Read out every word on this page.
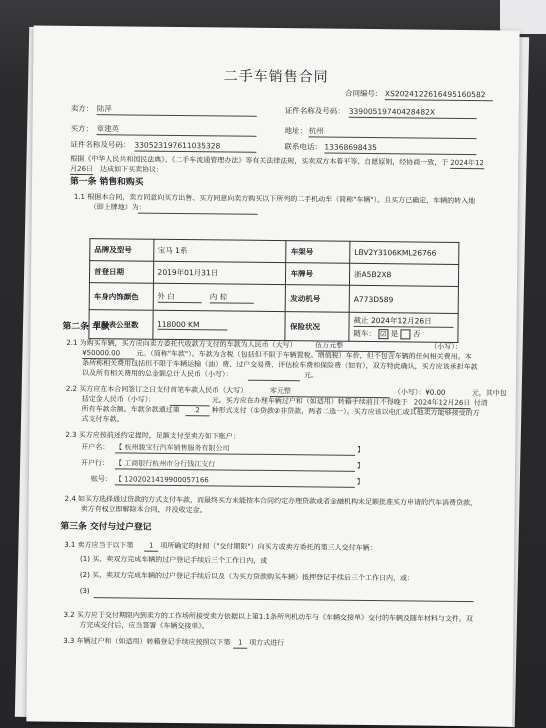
二手车销售合同
合同编号： XS2024122616495160582
卖方： 陆萍	证件名称及号码： 33900519740428482X
买方： 章建英	地址： 杭州
证件名称及号码： 330523197611035328	联系电话： 13368698435
根据《中华人民共和国民法典》、《二手车流通管理办法》等有关法律法规，买卖双方本着平等、自愿原则，经协商一致，于 2024年12
月26日 达成如下买卖协议：
第一条 销售和购买
1.1 根据本合同，卖方同意向买方出售、买方同意向卖方购买以下所列的二手机动车（简称"车辆"）。且买方已确定，车辆的转入地
（即上牌地）为：
品牌及型号	宝马 1系	车架号	LBV2Y3106KML26766
首登日期	2019年01月31日	车牌号	浙A5B2X8
车身内饰颜色	外 白 内 棕	发动机号	A773D589
里程表公里数	118000 KM	保险状况	截止 2024年12月26日
随车： ☑ 是 否
第二条 车款
2.1 为购买车辆，买方应向卖方委托代收款方支付的车款为人民币（大写）	伍万元整	（小写）：
¥50000.00	元。（简称"车款"）。车款为含税（包括但不限于车辆置税、增值税）车价，但不包含车辆的任何相关费用。本
条所称相关费用包括但不限于车辆运输（油）费、过户交易费、评估检车费和保险费（如有），双方特此确认，买方应该承担车款
以及所有相关费用的总金额总计人民币（小写）：	元。
2.2 买方应在本合同签订之日支付首笔车款人民币（大写）	零元整	（小写）：¥0.00	元，其中包
括定金人民币（小写）：	元。买方应在办理车辆过户和（如适用）转籍手续前且不得晚于 2024年12月26日 付清
所有车款余额。车款余款通过第	2	种形式支付（①贷款②非贷款，两者二选一）。买方应该以电汇或其他卖方能够接受的方
式支付车款。
2.3 买方应按前述约定提时，足额支付至卖方如下账户：
开户名： 【 杭州骏宝行汽车销售服务有限公司	】
开户行： 【 工商银行杭州市分行钱江支行	】
账号： 【 1202021419900057166	】
2.4 如买方选择通过贷款的方式支付车款，而最终买方未能按本合同约定办理贷款或者金融机构未足额批准买方申请的汽车消费贷款，
卖方有权立即解除本合同，并没收定金。
第三条 交付与过户登记
3.1 卖方应当于以下第	1 项所确定的时间（"交付期限"）向买方或卖方委托的第三人交付车辆：
(1) 买、卖双方完成车辆的过户登记手续后三个工作日内，或
(2) 买、卖双方完成车辆的过户登记手续后以及（为买方贷款购买车辆）抵押登记手续后三个工作日内，或：
(3)
3.2 买方应于交付期限内到卖方的工作场所接受卖方依据以上第1.1条所列机动车与《车辆交接单》交付的车辆及随车材料与文件。双
方完成交付后，应当签署《车辆交接单》。
3.3 车辆过户和（如适用）转籍登记手续应按照以下第	1 项方式进行
